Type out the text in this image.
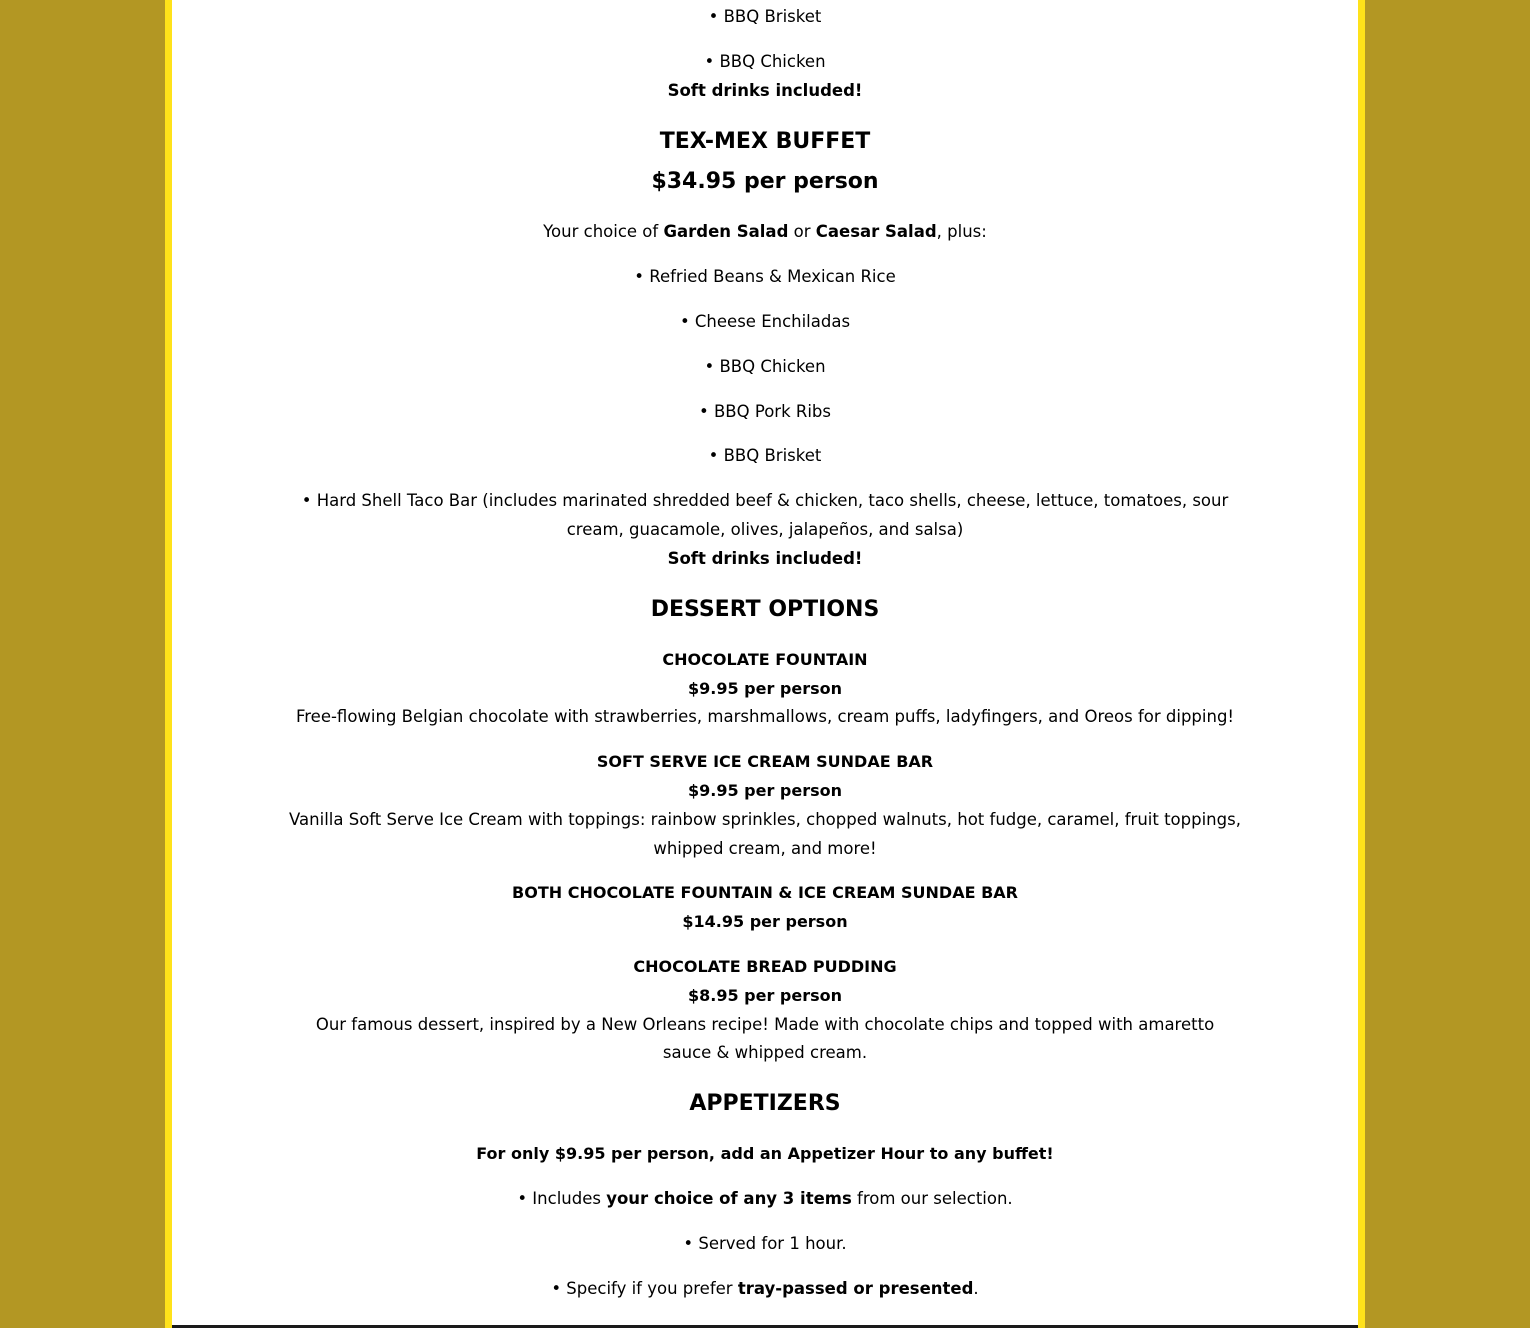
• BBQ Brisket
• BBQ Chicken
Soft drinks included!
TEX-MEX BUFFET
$34.95 per person
Your choice of Garden Salad or Caesar Salad, plus:
• Refried Beans & Mexican Rice
• Cheese Enchiladas
• BBQ Chicken
• BBQ Pork Ribs
• BBQ Brisket
• Hard Shell Taco Bar (includes marinated shredded beef & chicken, taco shells, cheese, lettuce, tomatoes, sour
cream, guacamole, olives, jalapeños, and salsa)
Soft drinks included!
DESSERT OPTIONS
CHOCOLATE FOUNTAIN
$9.95 per person
Free-flowing Belgian chocolate with strawberries, marshmallows, cream puffs, ladyfingers, and Oreos for dipping!
SOFT SERVE ICE CREAM SUNDAE BAR
$9.95 per person
Vanilla Soft Serve Ice Cream with toppings: rainbow sprinkles, chopped walnuts, hot fudge, caramel, fruit toppings,
whipped cream, and more!
BOTH CHOCOLATE FOUNTAIN & ICE CREAM SUNDAE BAR
$14.95 per person
CHOCOLATE BREAD PUDDING
$8.95 per person
Our famous dessert, inspired by a New Orleans recipe! Made with chocolate chips and topped with amaretto
sauce & whipped cream.
APPETIZERS
For only $9.95 per person, add an Appetizer Hour to any buffet!
• Includes your choice of any 3 items from our selection.
• Served for 1 hour.
• Specify if you prefer tray-passed or presented.
